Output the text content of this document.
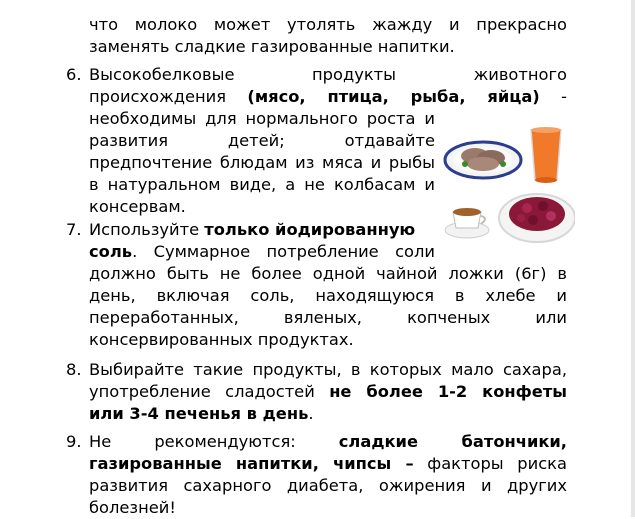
что молоко может утолять жажду и прекрасно
заменять сладкие газированные напитки.
6. Высокобелковые продукты животного
происхождения (мясо, птица, рыба, яйца) -
необходимы для нормального роста и
развития детей; отдавайте
предпочтение блюдам из мяса и рыбы
в натуральном виде, а не колбасам и
консервам.
7. Используйте только йодированную
соль. Суммарное потребление соли
должно быть не более одной чайной ложки (6г) в
день, включая соль, находящуюся в хлебе и
переработанных, вяленых, копченых или
консервированных продуктах.
8. Выбирайте такие продукты, в которых мало сахара,
употребление сладостей не более 1-2 конфеты
или 3-4 печенья в день.
9. Не рекомендуются: сладкие батончики,
газированные напитки, чипсы – факторы риска
развития сахарного диабета, ожирения и других
болезней!
